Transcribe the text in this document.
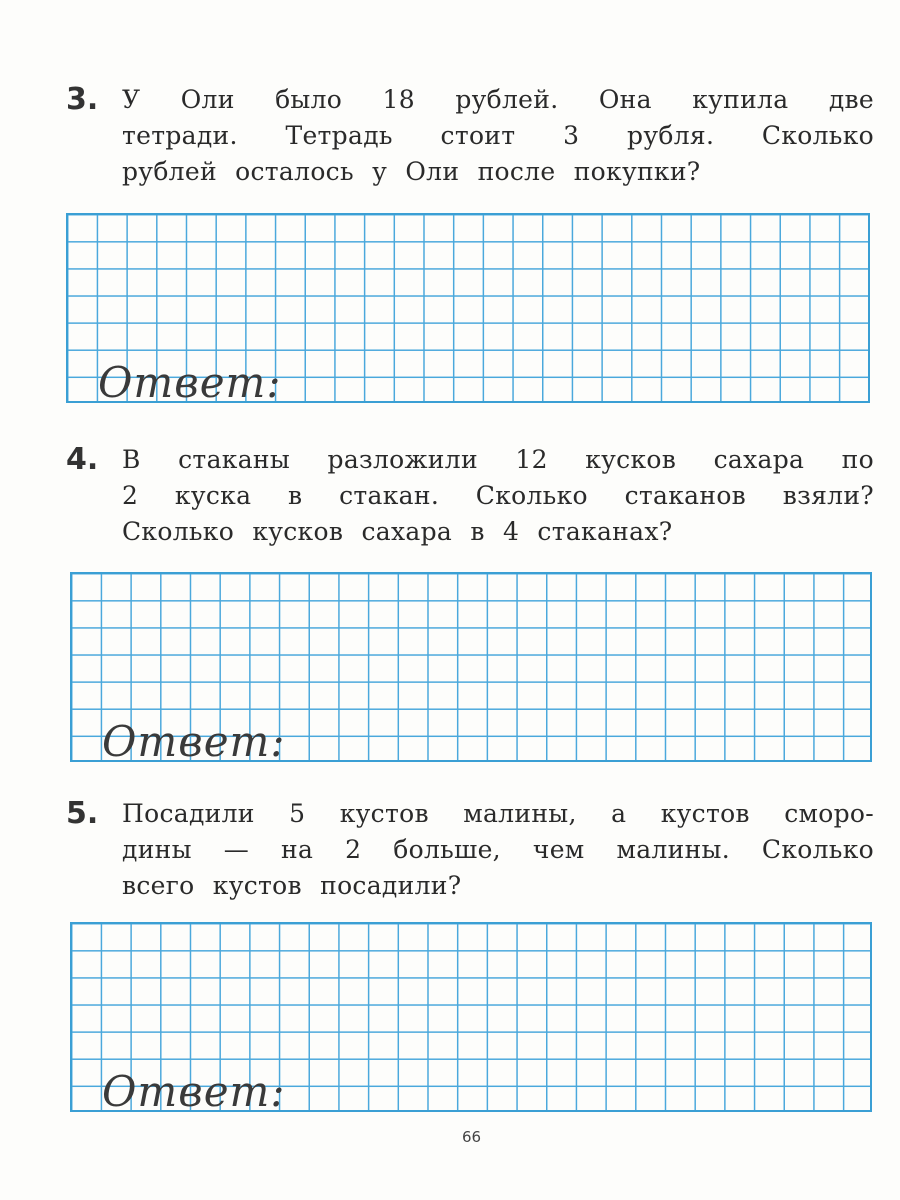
3. У Оли было 18 рублей. Она купила две
тетради. Тетрадь стоит 3 рубля. Сколько
рублей осталось у Оли после покупки?
Ответ:
4. В стаканы разложили 12 кусков сахара по
2 куска в стакан. Сколько стаканов взяли?
Сколько кусков сахара в 4 стаканах?
Ответ:
5. Посадили 5 кустов малины, а кустов сморо-
дины — на 2 больше, чем малины. Сколько
всего кустов посадили?
Ответ:
66
